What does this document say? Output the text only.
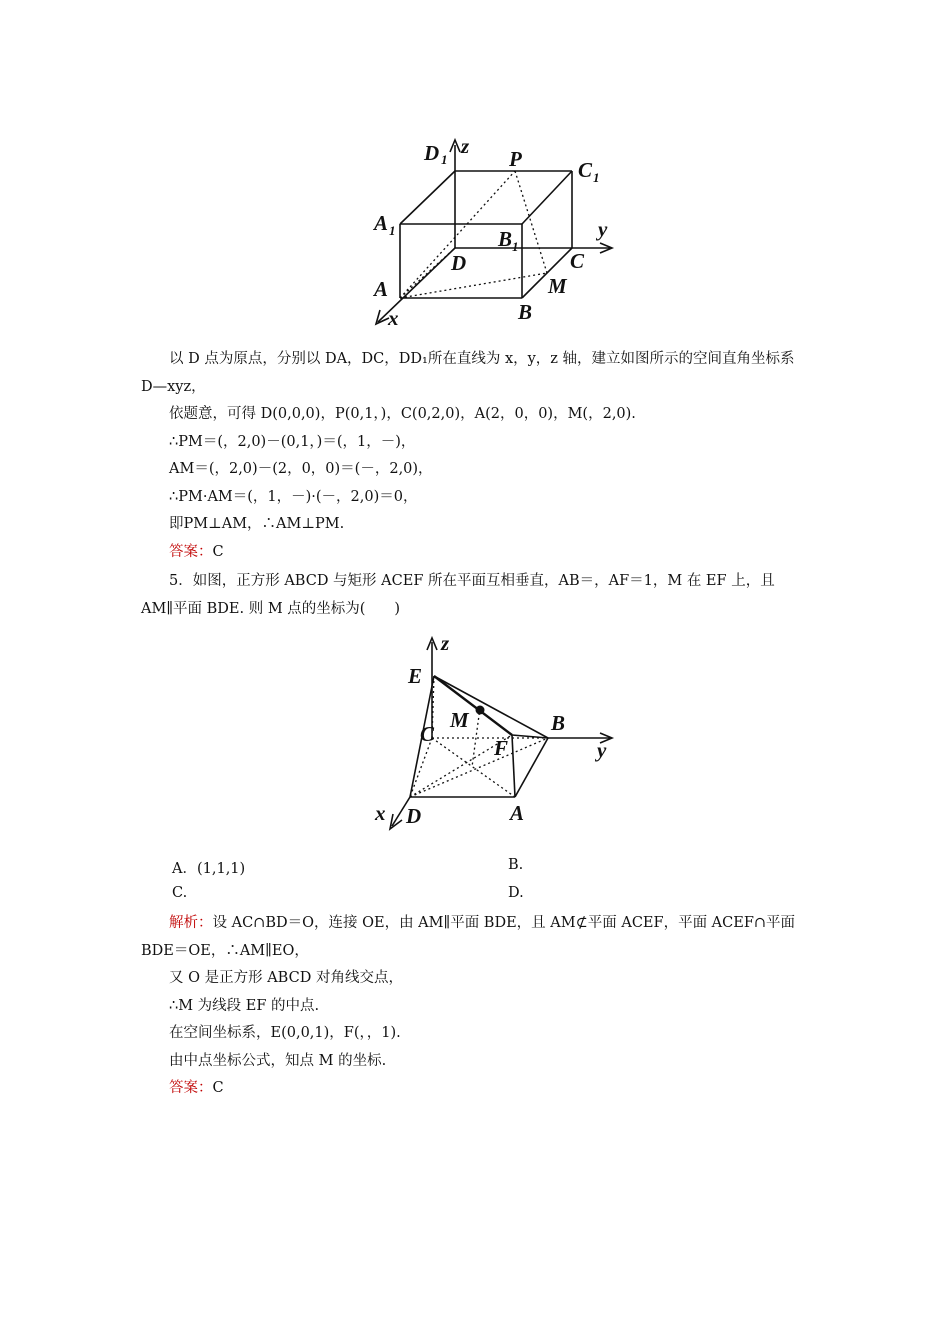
D 1
z
P	C 1
A 1	B 1
y
D	C
A	M
x	B
以 D 点为原点，分别以 DA，DC，DD₁所在直线为 x，y，z 轴，建立如图所示的空间直角坐标系 D—xyz，
依题意，可得 D(0,0,0)，P(0,1，)，C(0,2,0)，A(2，0，0)，M(，2,0).
∴PM＝(，2,0)－(0,1，)＝(，1，－)，
AM＝(，2,0)－(2，0，0)＝(－，2,0)，
∴PM·AM＝(，1，－)·(－，2,0)＝0，
即PM⊥AM，∴AM⊥PM.
答案：C
5．如图，正方形 ABCD 与矩形 ACEF 所在平面互相垂直，AB＝，AF＝1，M 在 EF 上，且 AM∥平面 BDE. 则 M 点的坐标为(　　)
z
E
M	B
C
F	y
x D	A
A．(1,1,1)	B.
C.	D.
解析：设 AC∩BD＝O，连接 OE，由 AM∥平面 BDE，且 AM⊄平面 ACEF，平面 ACEF∩平面 BDE＝OE，∴AM∥EO，
又 O 是正方形 ABCD 对角线交点，
∴M 为线段 EF 的中点.
在空间坐标系，E(0,0,1)，F(，，1).
由中点坐标公式，知点 M 的坐标.
答案：C
